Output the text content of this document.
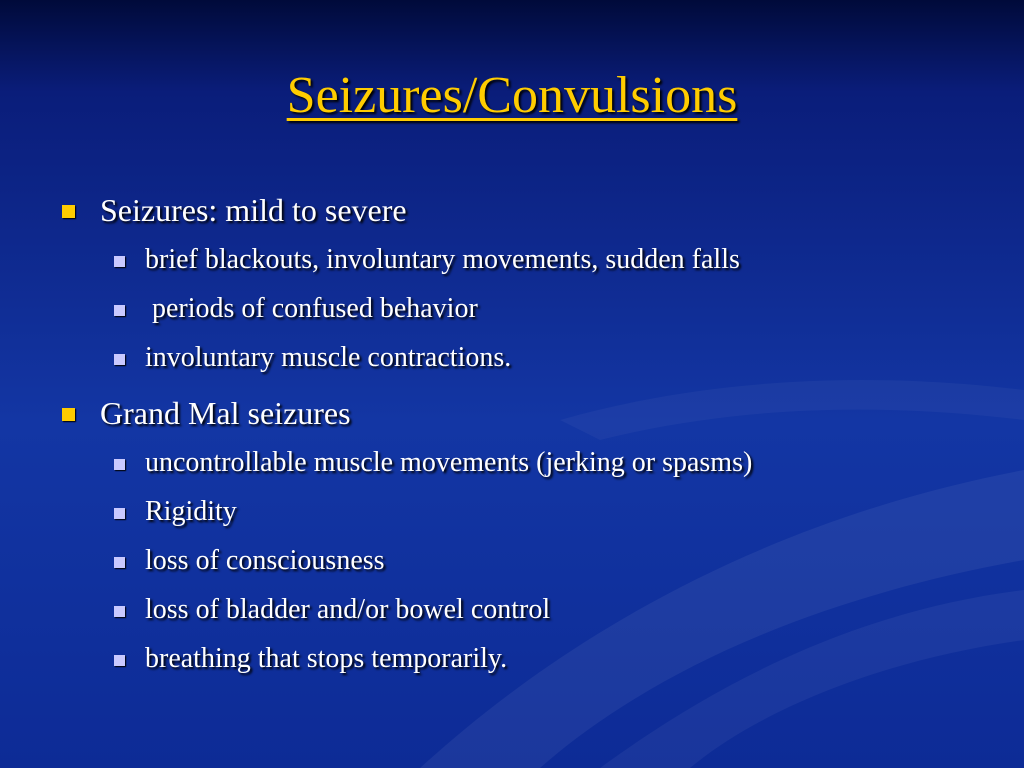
Seizures/Convulsions
Seizures: mild to severe
brief blackouts, involuntary movements, sudden falls
periods of confused behavior
involuntary muscle contractions.
Grand Mal seizures
uncontrollable muscle movements (jerking or spasms)
Rigidity
loss of consciousness
loss of bladder and/or bowel control
breathing that stops temporarily.
